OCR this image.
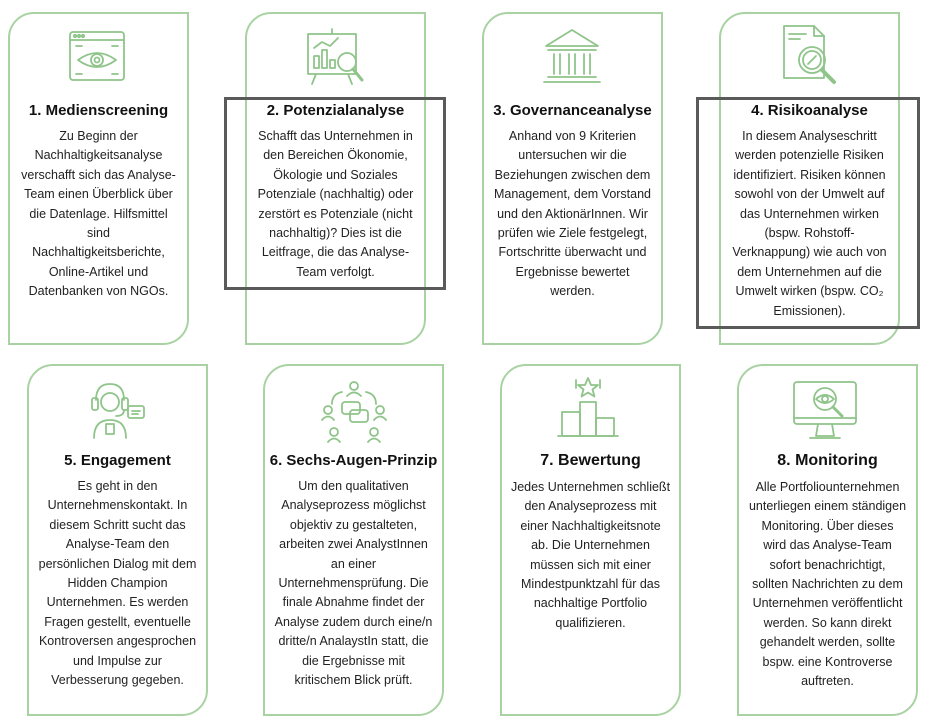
1. Medienscreening	2. Potenzialanalyse	3. Governanceanalyse	4. Risikoanalyse
5. Engagement	6. Sechs-Augen-Prinzip	7. Bewertung	8. Monitoring
Zu Beginn der
Nachhaltigkeitsanalyse
verschafft sich das Analyse-
Team einen Überblick über
die Datenlage. Hilfsmittel
sind
Nachhaltigkeitsberichte,
Online-Artikel und
Datenbanken von NGOs.
Schafft das Unternehmen in
den Bereichen Ökonomie,
Ökologie und Soziales
Potenziale (nachhaltig) oder
zerstört es Potenziale (nicht
nachhaltig)? Dies ist die
Leitfrage, die das Analyse-
Team verfolgt.
Anhand von 9 Kriterien
untersuchen wir die
Beziehungen zwischen dem
Management, dem Vorstand
und den AktionärInnen. Wir
prüfen wie Ziele festgelegt,
Fortschritte überwacht und
Ergebnisse bewertet
werden.
In diesem Analyseschritt
werden potenzielle Risiken
identifiziert. Risiken können
sowohl von der Umwelt auf
das Unternehmen wirken
(bspw. Rohstoff-
Verknappung) wie auch von
dem Unternehmen auf die
Umwelt wirken (bspw. CO₂
Emissionen).
Es geht in den
Unternehmenskontakt. In
diesem Schritt sucht das
Analyse-Team den
persönlichen Dialog mit dem
Hidden Champion
Unternehmen. Es werden
Fragen gestellt, eventuelle
Kontroversen angesprochen
und Impulse zur
Verbesserung gegeben.
Um den qualitativen
Analyseprozess möglichst
objektiv zu gestalteten,
arbeiten zwei AnalystInnen
an einer
Unternehmensprüfung. Die
finale Abnahme findet der
Analyse zudem durch eine/n
dritte/n AnalaystIn statt, die
die Ergebnisse mit
kritischem Blick prüft.
Jedes Unternehmen schließt
den Analyseprozess mit
einer Nachhaltigkeitsnote
ab. Die Unternehmen
müssen sich mit einer
Mindestpunktzahl für das
nachhaltige Portfolio
qualifizieren.
Alle Portfoliounternehmen
unterliegen einem ständigen
Monitoring. Über dieses
wird das Analyse-Team
sofort benachrichtigt,
sollten Nachrichten zu dem
Unternehmen veröffentlicht
werden. So kann direkt
gehandelt werden, sollte
bspw. eine Kontroverse
auftreten.
